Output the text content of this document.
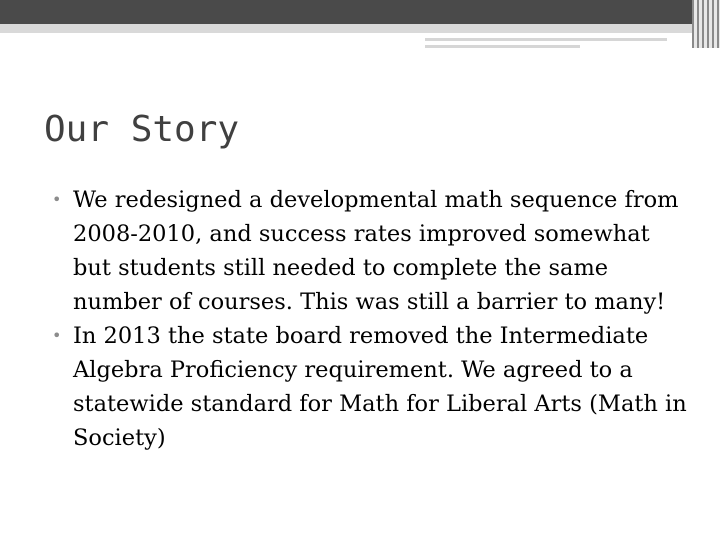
Our Story
• We redesigned a developmental math sequence from 2008-2010, and success rates improved somewhat but students still needed to complete the same number of courses. This was still a barrier to many!
• In 2013 the state board removed the Intermediate Algebra Proficiency requirement. We agreed to a statewide standard for Math for Liberal Arts (Math in Society)
